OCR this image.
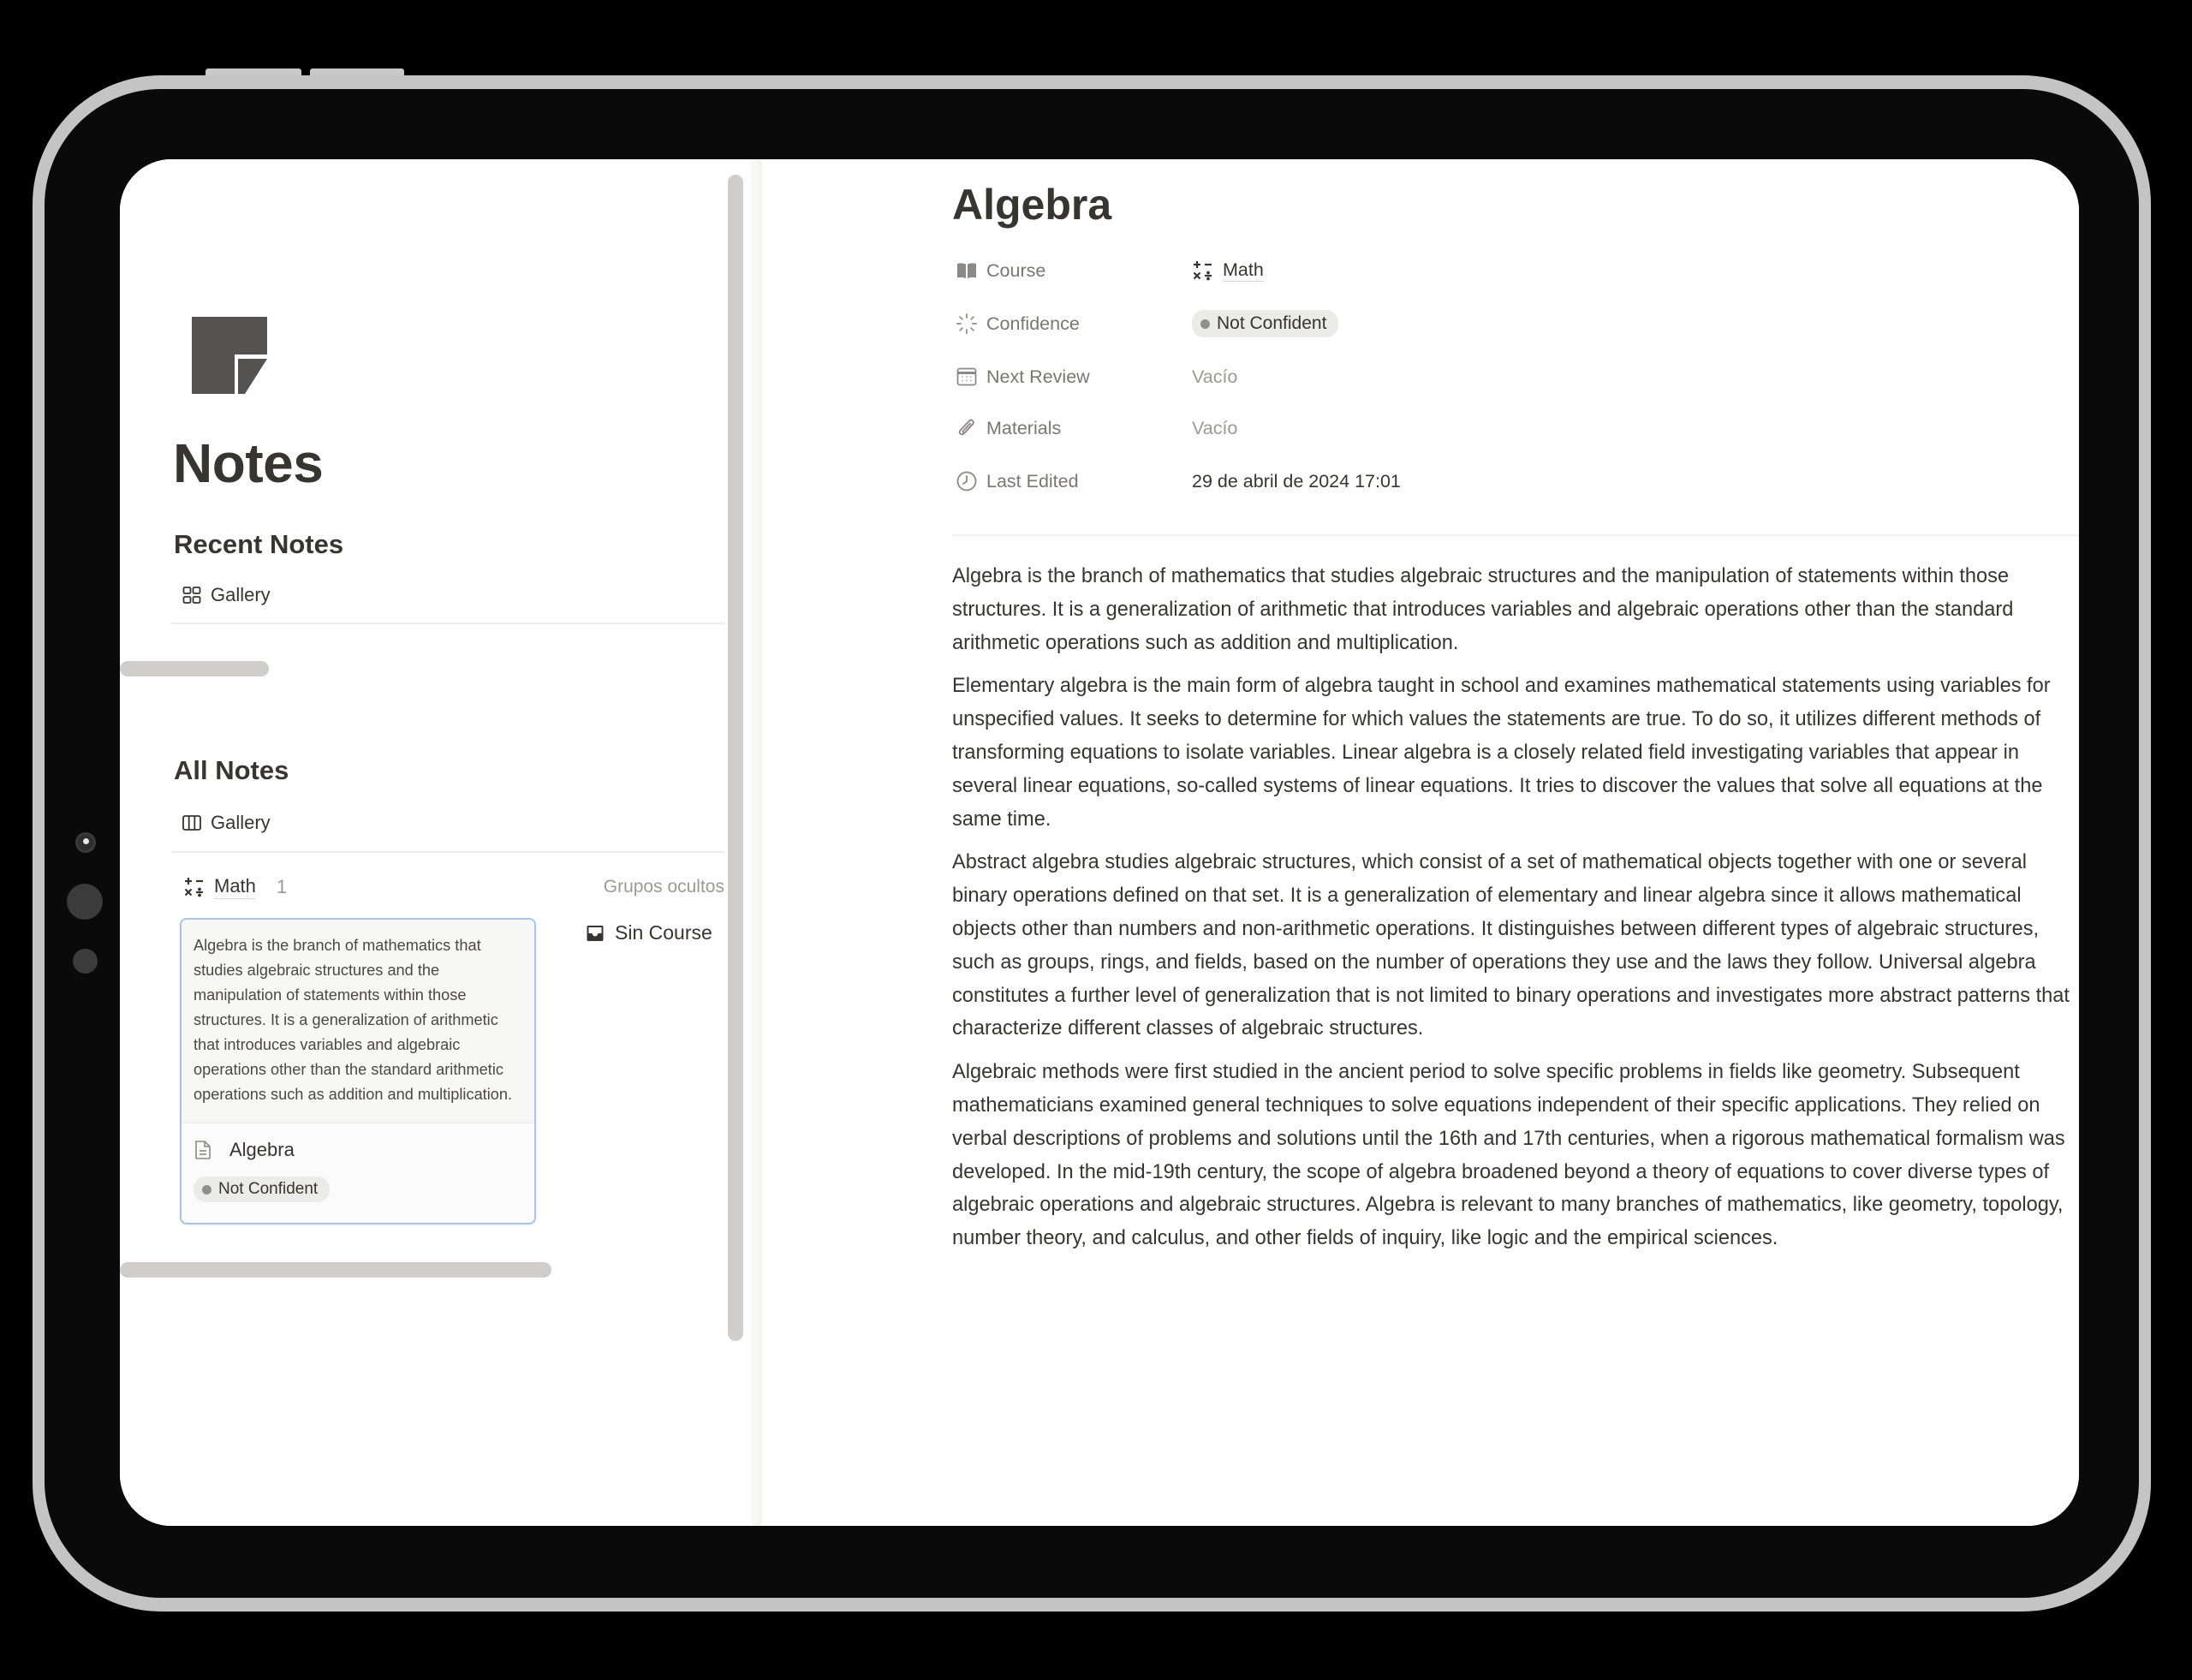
Notes
Recent Notes
Gallery
All Notes
Gallery
Math 1	Grupos ocultos
Sin Course
Algebra is the branch of mathematics that studies algebraic structures and the manipulation of statements within those structures. It is a generalization of arithmetic that introduces variables and algebraic operations other than the standard arithmetic operations such as addition and multiplication.
Algebra
Not Confident
Algebra
Course	Math
Confidence	Not Confident
Next Review	Vacío
Materials	Vacío
Last Edited	29 de abril de 2024 17:01

Algebra is the branch of mathematics that studies algebraic structures and the manipulation of statements within those structures. It is a generalization of arithmetic that introduces variables and algebraic operations other than the standard arithmetic operations such as addition and multiplication.

Elementary algebra is the main form of algebra taught in school and examines mathematical statements using variables for unspecified values. It seeks to determine for which values the statements are true. To do so, it utilizes different methods of transforming equations to isolate variables. Linear algebra is a closely related field investigating variables that appear in several linear equations, so-called systems of linear equations. It tries to discover the values that solve all equations at the same time.

Abstract algebra studies algebraic structures, which consist of a set of mathematical objects together with one or several binary operations defined on that set. It is a generalization of elementary and linear algebra since it allows mathematical objects other than numbers and non-arithmetic operations. It distinguishes between different types of algebraic structures, such as groups, rings, and fields, based on the number of operations they use and the laws they follow. Universal algebra constitutes a further level of generalization that is not limited to binary operations and investigates more abstract patterns that characterize different classes of algebraic structures.

Algebraic methods were first studied in the ancient period to solve specific problems in fields like geometry. Subsequent mathematicians examined general techniques to solve equations independent of their specific applications. They relied on verbal descriptions of problems and solutions until the 16th and 17th centuries, when a rigorous mathematical formalism was developed. In the mid-19th century, the scope of algebra broadened beyond a theory of equations to cover diverse types of algebraic operations and algebraic structures. Algebra is relevant to many branches of mathematics, like geometry, topology, number theory, and calculus, and other fields of inquiry, like logic and the empirical sciences.
